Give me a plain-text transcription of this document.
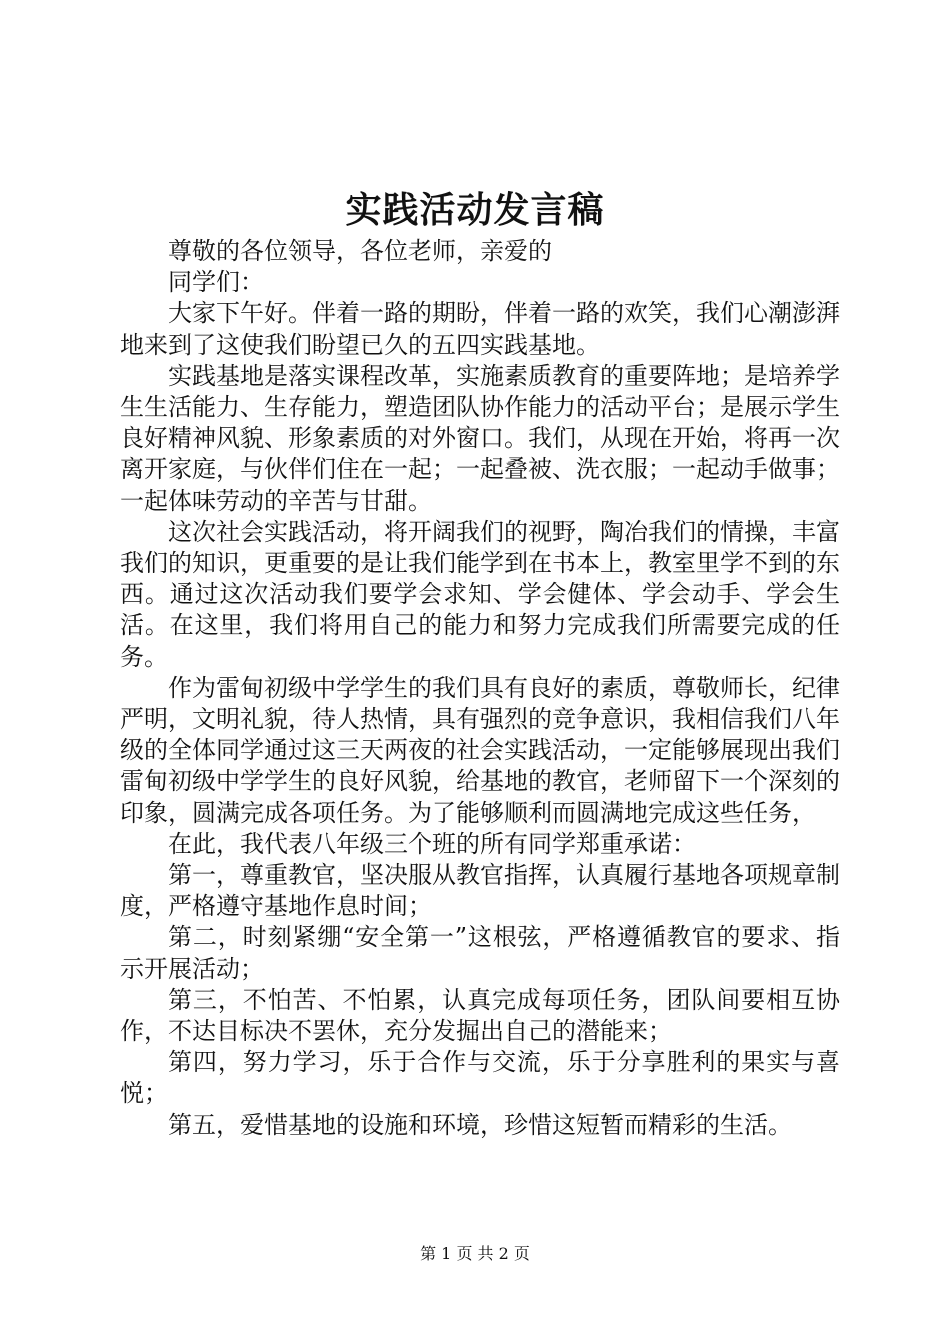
实践活动发言稿

尊敬的各位领导，各位老师，亲爱的

同学们：

大家下午好。伴着一路的期盼，伴着一路的欢笑，我们心潮澎湃地来到了这使我们盼望已久的五四实践基地。

实践基地是落实课程改革，实施素质教育的重要阵地；是培养学生生活能力、生存能力，塑造团队协作能力的活动平台；是展示学生良好精神风貌、形象素质的对外窗口。我们，从现在开始，将再一次离开家庭，与伙伴们住在一起；一起叠被、洗衣服；一起动手做事；一起体味劳动的辛苦与甘甜。

这次社会实践活动，将开阔我们的视野，陶冶我们的情操，丰富我们的知识，更重要的是让我们能学到在书本上，教室里学不到的东西。通过这次活动我们要学会求知、学会健体、学会动手、学会生活。在这里，我们将用自己的能力和努力完成我们所需要完成的任务。

作为雷甸初级中学学生的我们具有良好的素质，尊敬师长，纪律严明，文明礼貌，待人热情，具有强烈的竞争意识，我相信我们八年级的全体同学通过这三天两夜的社会实践活动，一定能够展现出我们雷甸初级中学学生的良好风貌，给基地的教官，老师留下一个深刻的印象，圆满完成各项任务。为了能够顺利而圆满地完成这些任务，

在此，我代表八年级三个班的所有同学郑重承诺：

第一，尊重教官，坚决服从教官指挥，认真履行基地各项规章制度，严格遵守基地作息时间；

第二，时刻紧绷“安全第一”这根弦，严格遵循教官的要求、指示开展活动；

第三，不怕苦、不怕累，认真完成每项任务，团队间要相互协作，不达目标决不罢休，充分发掘出自己的潜能来；

第四，努力学习，乐于合作与交流，乐于分享胜利的果实与喜悦；

第五，爱惜基地的设施和环境，珍惜这短暂而精彩的生活。

第 1 页 共 2 页
